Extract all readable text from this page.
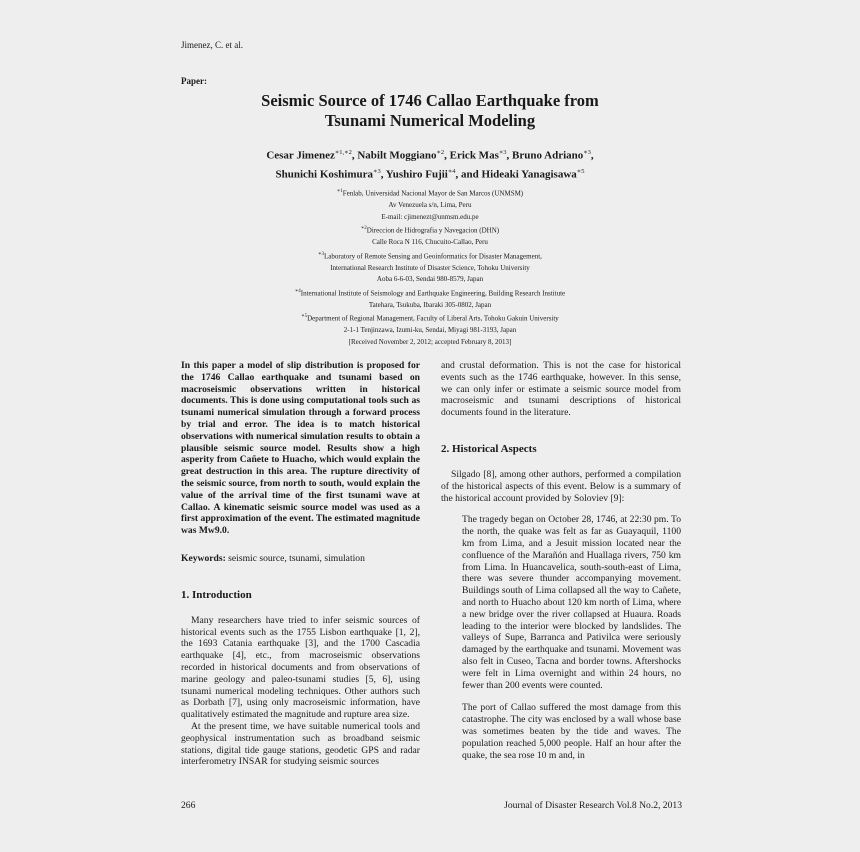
Jimenez, C. et al.
Paper:
Seismic Source of 1746 Callao Earthquake from
Tsunami Numerical Modeling
Cesar Jimenez$^{∗1,∗2}$, Nabilt Moggiano$^{∗2}$, Erick Mas$^{∗3}$, Bruno Adriano$^{∗3}$,
Shunichi Koshimura$^{∗3}$, Yushiro Fujii$^{∗4}$, and Hideaki Yanagisawa$^{∗5}$
$^{∗1}$Fenlab, Universidad Nacional Mayor de San Marcos (UNMSM)
Av Venezuela s/n, Lima, Peru
E-mail: cjimenezt@unmsm.edu.pe
$^{∗2}$Direccion de Hidrografia y Navegacion (DHN)
Calle Roca N 116, Chucuito-Callao, Peru
$^{∗3}$Laboratory of Remote Sensing and Geoinformatics for Disaster Management,
International Research Institute of Disaster Science, Tohoku University
Aoba 6-6-03, Sendai 980-8579, Japan
$^{∗4}$International Institute of Seismology and Earthquake Engineering, Building Research Institute
Tatehara, Tsukuba, Ibaraki 305-0802, Japan
$^{∗5}$Department of Regional Management, Faculty of Liberal Arts, Tohoku Gakuin University
2-1-1 Tenjinzawa, Izumi-ku, Sendai, Miyagi 981-3193, Japan
[Received November 2, 2012; accepted February 8, 2013]

In this paper a model of slip distribution is proposed for the 1746 Callao earthquake and tsunami based on macroseismic observations written in historical documents. This is done using computational tools such as tsunami numerical simulation through a forward process by trial and error. The idea is to match historical observations with numerical simulation results to obtain a plausible seismic source model. Results show a high asperity from Cañete to Huacho, which would explain the great destruction in this area. The rupture directivity of the seismic source, from north to south, would explain the value of the arrival time of the first tsunami wave at Callao. A kinematic seismic source model was used as a first approximation of the event. The estimated magnitude was Mw9.0.

Keywords: seismic source, tsunami, simulation

1. Introduction

Many researchers have tried to infer seismic sources of historical events such as the 1755 Lisbon earthquake [1, 2], the 1693 Catania earthquake [3], and the 1700 Cascadia earthquake [4], etc., from macroseismic observations recorded in historical documents and from observations of marine geology and paleo-tsunami studies [5, 6], using tsunami numerical modeling techniques. Other authors such as Dorbath [7], using only macroseismic information, have qualitatively estimated the magnitude and rupture area size.

At the present time, we have suitable numerical tools and geophysical instrumentation such as broadband seismic stations, digital tide gauge stations, geodetic GPS and radar interferometry INSAR for studying seismic sources

and crustal deformation. This is not the case for historical events such as the 1746 earthquake, however. In this sense, we can only infer or estimate a seismic source model from macroseismic and tsunami descriptions of historical documents found in the literature.

2. Historical Aspects

Silgado [8], among other authors, performed a compilation of the historical aspects of this event. Below is a summary of the historical account provided by Soloviev [9]:

The tragedy began on October 28, 1746, at 22:30 pm. To the north, the quake was felt as far as Guayaquil, 1100 km from Lima, and a Jesuit mission located near the confluence of the Marañón and Huallaga rivers, 750 km from Lima. In Huancavelica, south-south-east of Lima, there was severe thunder accompanying movement. Buildings south of Lima collapsed all the way to Cañete, and north to Huacho about 120 km north of Lima, where a new bridge over the river collapsed at Huaura. Roads leading to the interior were blocked by landslides. The valleys of Supe, Barranca and Pativilca were seriously damaged by the earthquake and tsunami. Movement was also felt in Cuseo, Tacna and border towns. Aftershocks were felt in Lima overnight and within 24 hours, no fewer than 200 events were counted.

The port of Callao suffered the most damage from this catastrophe. The city was enclosed by a wall whose base was sometimes beaten by the tide and waves. The population reached 5,000 people. Half an hour after the quake, the sea rose 10 m and, in

266	Journal of Disaster Research Vol.8 No.2, 2013
